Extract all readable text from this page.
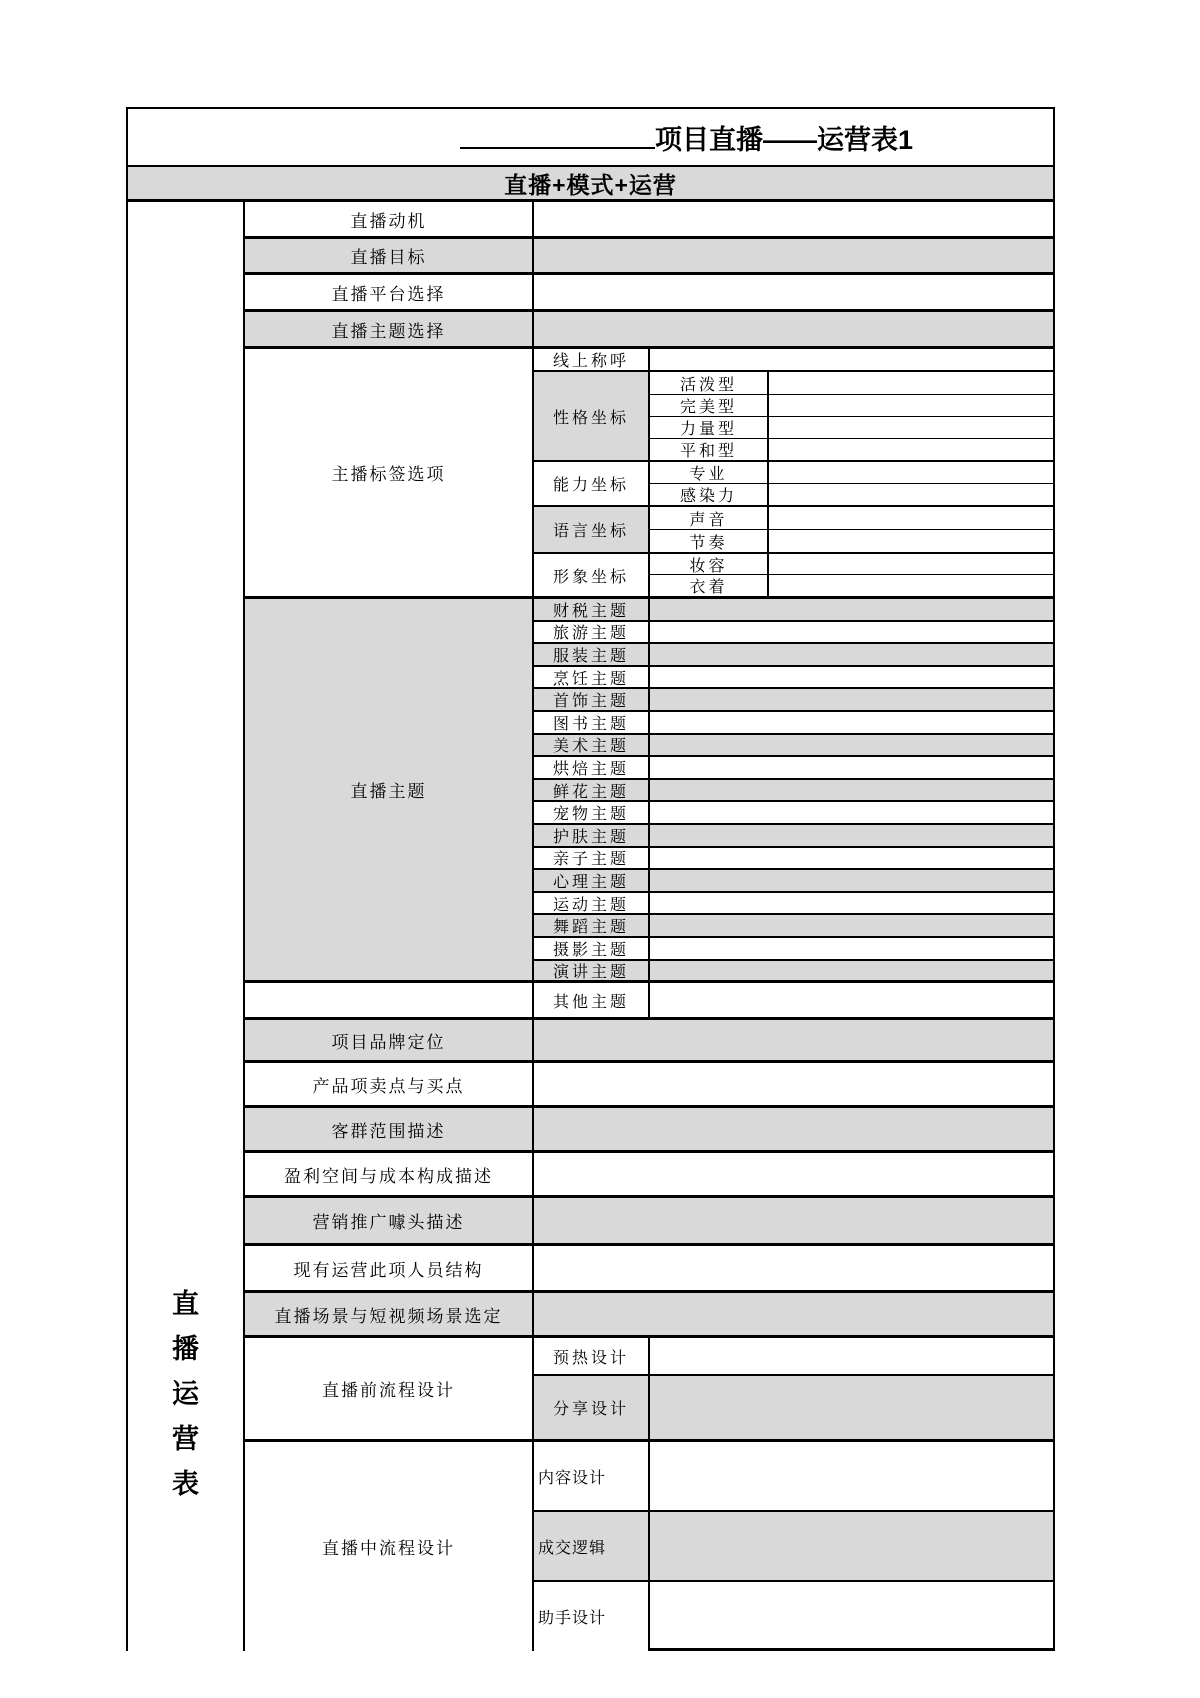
项目直播——运营表1
直播+模式+运营
直
播
运
营
表
直播动机
直播目标
直播平台选择
直播主题选择
主播标签选项
线上称呼
性格坐标
活泼型
完美型
力量型
平和型
能力坐标
专业
感染力
语言坐标
声音
节奏
形象坐标
妆容
衣着
直播主题
财税主题
旅游主题
服装主题
烹饪主题
首饰主题
图书主题
美术主题
烘焙主题
鲜花主题
宠物主题
护肤主题
亲子主题
心理主题
运动主题
舞蹈主题
摄影主题
演讲主题
其他主题
项目品牌定位
产品项卖点与买点
客群范围描述
盈利空间与成本构成描述
营销推广噱头描述
现有运营此项人员结构
直播场景与短视频场景选定
直播前流程设计
预热设计
分享设计
直播中流程设计
内容设计
成交逻辑
助手设计
